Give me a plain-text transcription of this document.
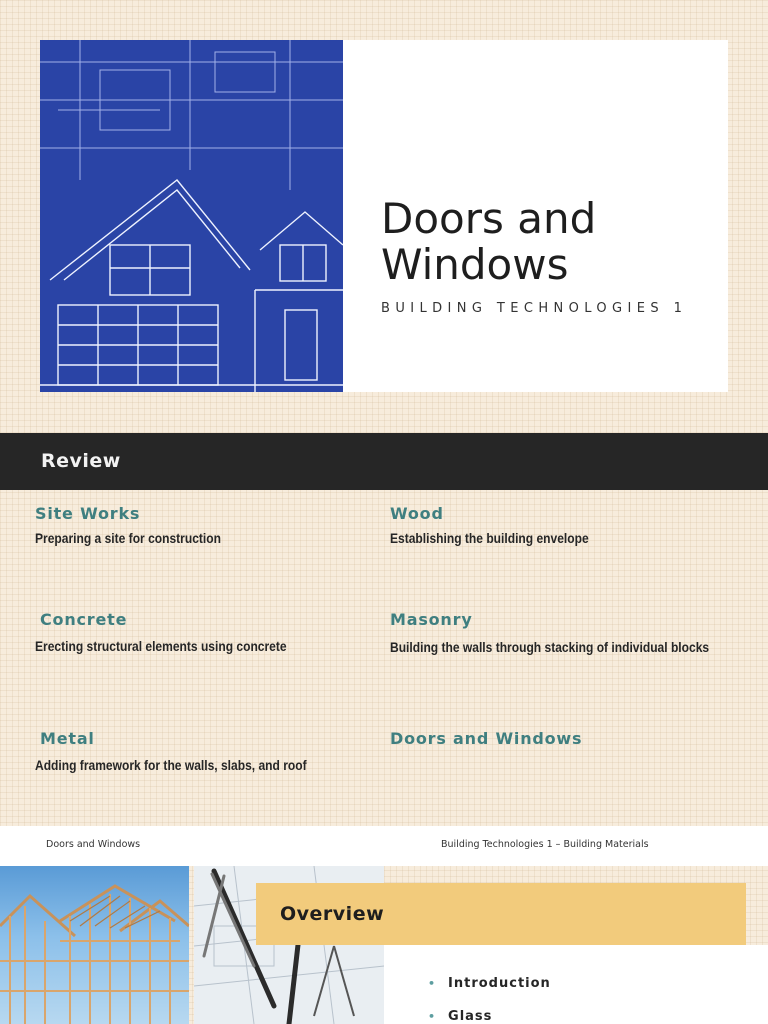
Doors and Windows
BUILDING TECHNOLOGIES 1
Review
Site Works
Preparing a site for construction
Wood
Establishing the building envelope
Concrete
Erecting structural elements using concrete
Masonry
Building the walls through stacking of individual blocks
Metal
Adding framework for the walls, slabs, and roof
Doors and Windows
Doors and Windows	Building Technologies 1 – Building Materials
Overview
• Introduction
• Glass
